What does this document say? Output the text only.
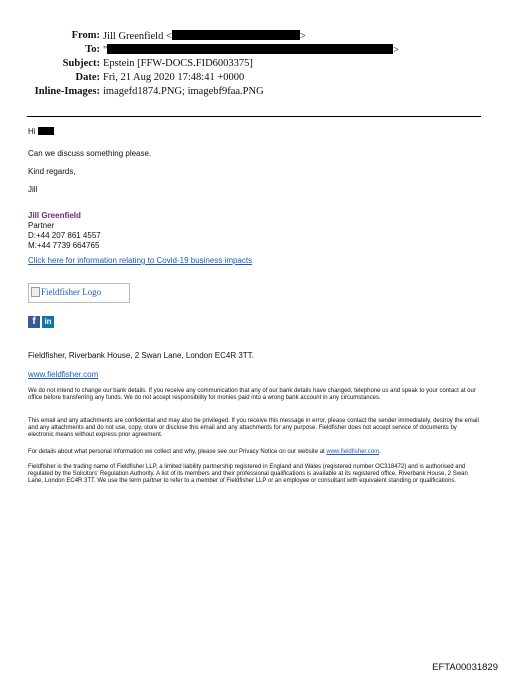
From: Jill Greenfield <	>
To: "	>
Subject: Epstein [FFW-DOCS.FID6003375]
Date: Fri, 21 Aug 2020 17:48:41 +0000
Inline-Images: imagefd1874.PNG; imagebf9faa.PNG
Hi
Can we discuss something please.
Kind regards,
Jill
Jill Greenfield
Partner
D:+44 207 861 4557
M:+44 7739 664765
Click here for information relating to Covid-19 business impacts
Fieldfisher Logo
f	in
Fieldfisher, Riverbank House, 2 Swan Lane, London EC4R 3TT.
www.fieldfisher.com
We do not intend to change our bank details. If you receive any communication that any of our bank details have changed, telephone us and speak to your contact at our office before transferring any funds. We do not accept responsibility for monies paid into a wrong bank account in any circumstances.
This email and any attachments are confidential and may also be privileged. If you receive this message in error, please contact the sender immediately, destroy the email and any attachments and do not use, copy, store or disclose this email and any attachments for any purpose. Fieldfisher does not accept service of documents by electronic means without express prior agreement.
For details about what personal information we collect and why, please see our Privacy Notice on our website at www.fieldfisher.com.
Fieldfisher is the trading name of Fieldfisher LLP, a limited liability partnership registered in England and Wales (registered number OC318472) and is authorised and regulated by the Solicitors' Regulation Authority. A list of its members and their professional qualifications is available at its registered office, Riverbank House, 2 Swan Lane, London EC4R 3TT. We use the term partner to refer to a member of Fieldfisher LLP or an employee or consultant with equivalent standing or qualifications.
EFTA00031829
